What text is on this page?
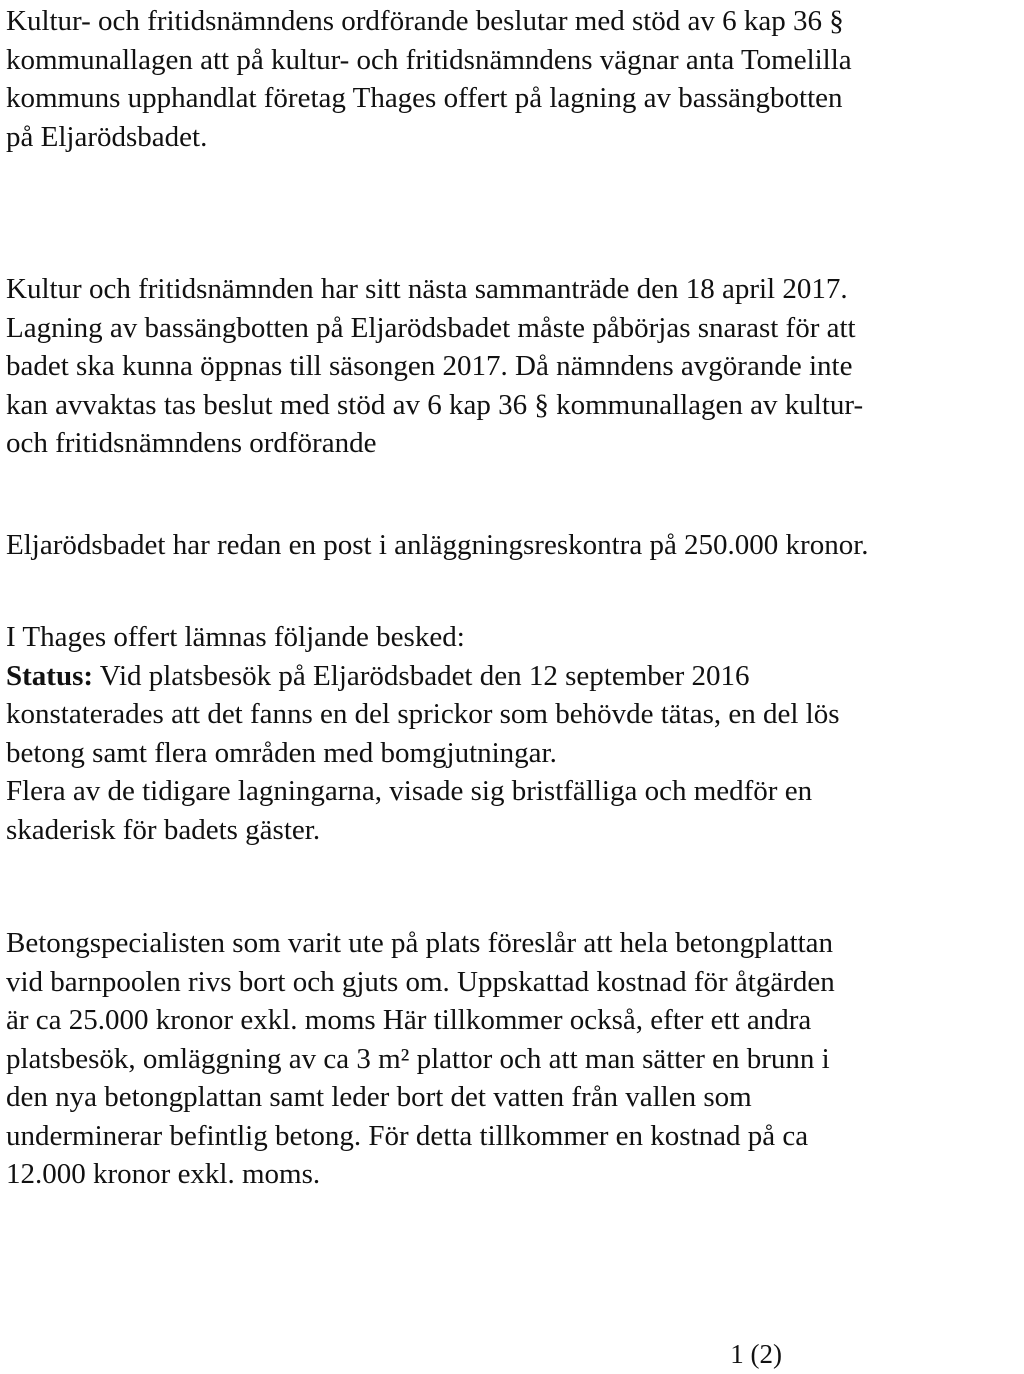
Kultur- och fritidsnämndens ordförande beslutar med stöd av 6 kap 36 §
kommunallagen att på kultur- och fritidsnämndens vägnar anta Tomelilla
kommuns upphandlat företag Thages offert på lagning av bassängbotten
på Eljarödsbadet.

Kultur och fritidsnämnden har sitt nästa sammanträde den 18 april 2017.
Lagning av bassängbotten på Eljarödsbadet måste påbörjas snarast för att
badet ska kunna öppnas till säsongen 2017. Då nämndens avgörande inte
kan avvaktas tas beslut med stöd av 6 kap 36 § kommunallagen av kultur-
och fritidsnämndens ordförande

Eljarödsbadet har redan en post i anläggningsreskontra på 250.000 kronor.

I Thages offert lämnas följande besked:
Status: Vid platsbesök på Eljarödsbadet den 12 september 2016
konstaterades att det fanns en del sprickor som behövde tätas, en del lös
betong samt flera områden med bomgjutningar.
Flera av de tidigare lagningarna, visade sig bristfälliga och medför en
skaderisk för badets gäster.

Betongspecialisten som varit ute på plats föreslår att hela betongplattan
vid barnpoolen rivs bort och gjuts om. Uppskattad kostnad för åtgärden
är ca 25.000 kronor exkl. moms Här tillkommer också, efter ett andra
platsbesök, omläggning av ca 3 m² plattor och att man sätter en brunn i
den nya betongplattan samt leder bort det vatten från vallen som
underminerar befintlig betong. För detta tillkommer en kostnad på ca
12.000 kronor exkl. moms.

1 (2)
